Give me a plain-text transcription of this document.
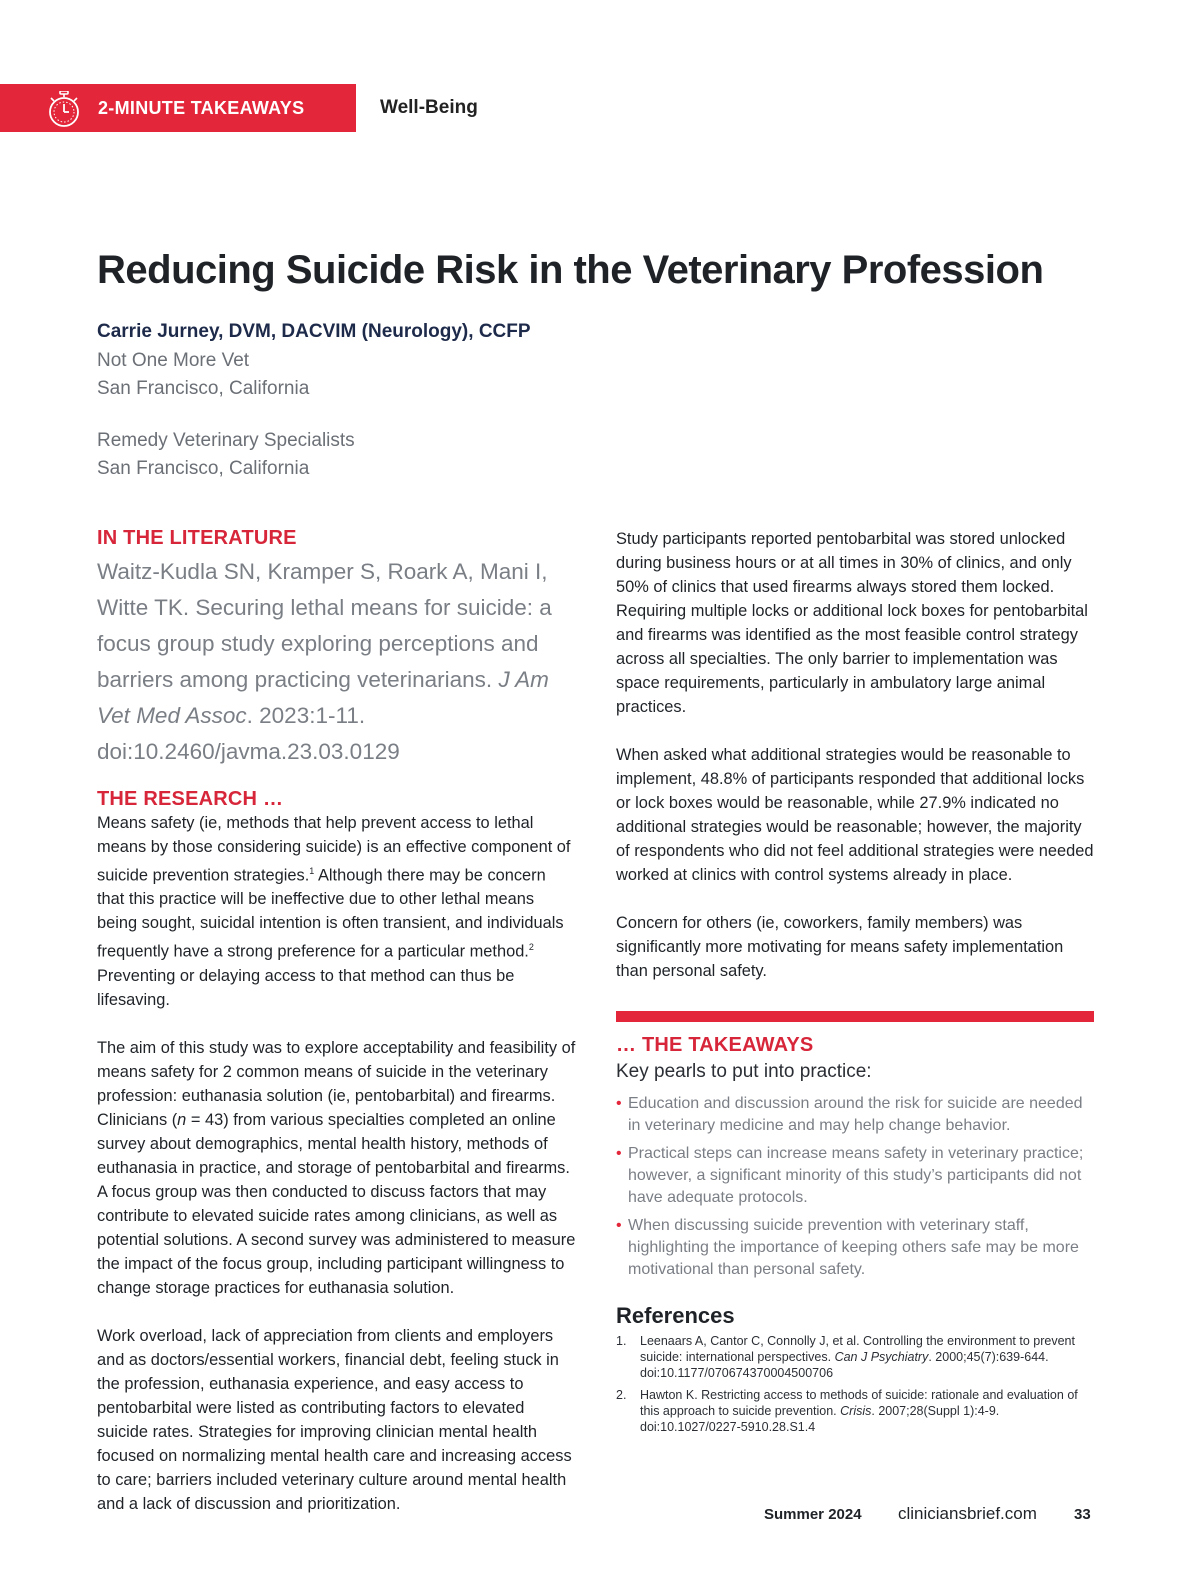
2-MINUTE TAKEAWAYS	Well-Being
Reducing Suicide Risk in the Veterinary Profession
Carrie Jurney, DVM, DACVIM (Neurology), CCFP
Not One More Vet
San Francisco, California
Remedy Veterinary Specialists
San Francisco, California
IN THE LITERATURE

Waitz-Kudla SN, Kramper S, Roark A, Mani I, Witte TK. Securing lethal means for suicide: a focus group study exploring perceptions and barriers among practicing veterinarians. J Am Vet Med Assoc. 2023:1-11. doi:10.2460/javma.23.03.0129

THE RESEARCH …

Means safety (ie, methods that help prevent access to lethal means by those considering suicide) is an effective component of suicide prevention strategies.$^1$ Although there may be concern that this practice will be ineffective due to other lethal means being sought, suicidal intention is often transient, and individuals frequently have a strong preference for a particular method.$^2$ Preventing or delaying access to that method can thus be lifesaving.

The aim of this study was to explore acceptability and feasibility of means safety for 2 common means of suicide in the veterinary profession: euthanasia solution (ie, pentobarbital) and firearms. Clinicians (n = 43) from various specialties completed an online survey about demographics, mental health history, methods of euthanasia in practice, and storage of pentobarbital and firearms. A focus group was then conducted to discuss factors that may contribute to elevated suicide rates among clinicians, as well as potential solutions. A second survey was administered to measure the impact of the focus group, including participant willingness to change storage practices for euthanasia solution.

Work overload, lack of appreciation from clients and employers and as doctors/essential workers, financial debt, feeling stuck in the profession, euthanasia experience, and easy access to pentobarbital were listed as contributing factors to elevated suicide rates. Strategies for improving clinician mental health focused on normalizing mental health care and increasing access to care; barriers included veterinary culture around mental health and a lack of discussion and prioritization.

Study participants reported pentobarbital was stored unlocked during business hours or at all times in 30% of clinics, and only 50% of clinics that used firearms always stored them locked. Requiring multiple locks or additional lock boxes for pentobarbital and firearms was identified as the most feasible control strategy across all specialties. The only barrier to implementation was space requirements, particularly in ambulatory large animal practices.

When asked what additional strategies would be reasonable to implement, 48.8% of participants responded that additional locks or lock boxes would be reasonable, while 27.9% indicated no additional strategies would be reasonable; however, the majority of respondents who did not feel additional strategies were needed worked at clinics with control systems already in place.

Concern for others (ie, coworkers, family members) was significantly more motivating for means safety implementation than personal safety.

… THE TAKEAWAYS

Key pearls to put into practice:

• Education and discussion around the risk for suicide are needed in veterinary medicine and may help change behavior.
• Practical steps can increase means safety in veterinary practice; however, a significant minority of this study’s participants did not have adequate protocols.
• When discussing suicide prevention with veterinary staff, highlighting the importance of keeping others safe may be more motivational than personal safety.
References
1. Leenaars A, Cantor C, Connolly J, et al. Controlling the environment to prevent suicide: international perspectives. Can J Psychiatry. 2000;45(7):639-644. doi:10.1177/070674370004500706
2. Hawton K. Restricting access to methods of suicide: rationale and evaluation of this approach to suicide prevention. Crisis. 2007;28(Suppl 1):4-9. doi:10.1027/0227-5910.28.S1.4
Summer 2024 cliniciansbrief.com 33
